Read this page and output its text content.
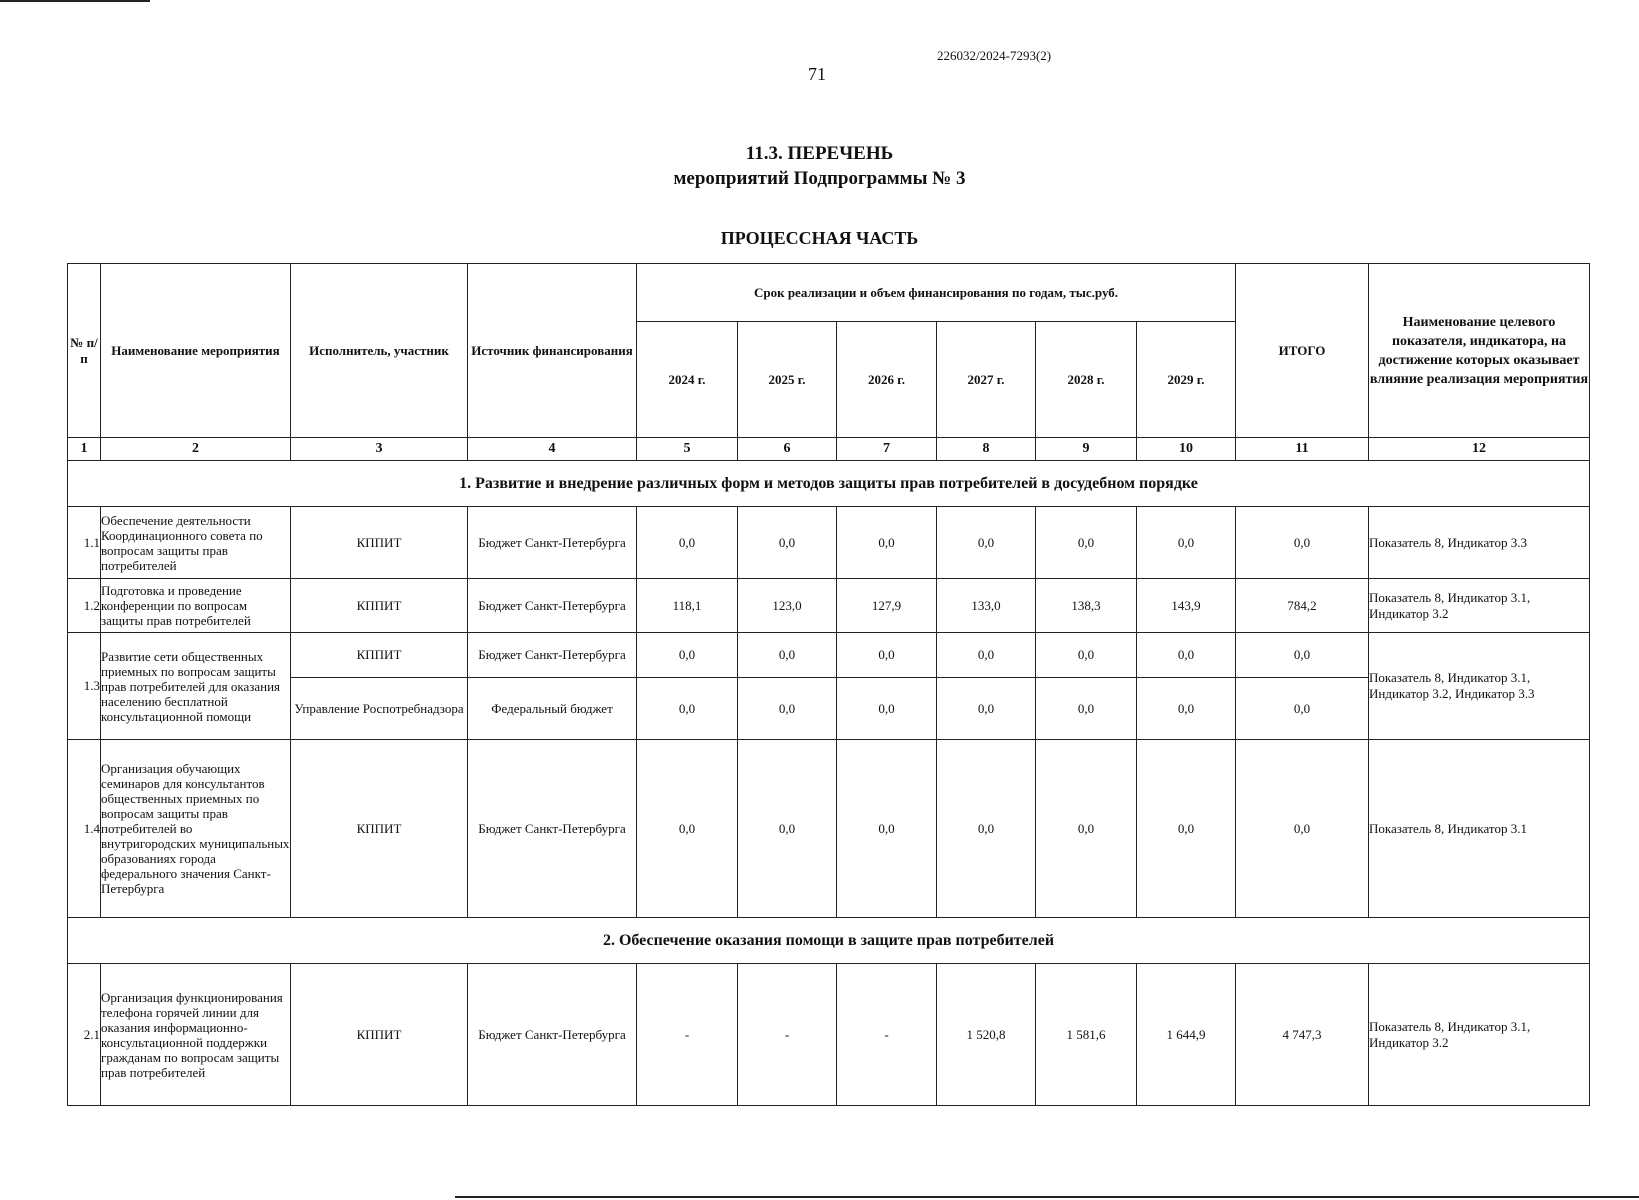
226032/2024-7293(2)
71
11.3. ПЕРЕЧЕНЬ
мероприятий Подпрограммы № 3
ПРОЦЕССНАЯ ЧАСТЬ
№ п/п	Наименование мероприятия	Исполнитель, участник	Источник финансирования	Срок реализации и объем финансирования по годам, тыс.руб.						ИТОГО	Наименование целевого показателя, индикатора, на достижение которых оказывает влияние реализация мероприятия
				2024 г.	2025 г.	2026 г.	2027 г.	2028 г.	2029 г.		
1	2	3	4	5	6	7	8	9	10	11	12
1. Развитие и внедрение различных форм и методов защиты прав потребителей в досудебном порядке											
1.1	Обеспечение деятельности Координационного совета по вопросам защиты прав потребителей	КППИТ	Бюджет Санкт-Петербурга	0,0	0,0	0,0	0,0	0,0	0,0	0,0	Показатель 8, Индикатор 3.3
1.2	Подготовка и проведение конференции по вопросам защиты прав потребителей	КППИТ	Бюджет Санкт-Петербурга	118,1	123,0	127,9	133,0	138,3	143,9	784,2	Показатель 8, Индикатор 3.1, Индикатор 3.2
1.3	Развитие сети общественных приемных по вопросам защиты прав потребителей для оказания населению бесплатной консультационной помощи	КППИТ	Бюджет Санкт-Петербурга	0,0	0,0	0,0	0,0	0,0	0,0	0,0	Показатель 8, Индикатор 3.1, Индикатор 3.2, Индикатор 3.3
		Управление Роспотребнадзора	Федеральный бюджет	0,0	0,0	0,0	0,0	0,0	0,0	0,0	
1.4	Организация обучающих семинаров для консультантов общественных приемных по вопросам защиты прав потребителей во внутригородских муниципальных образованиях города федерального значения Санкт-Петербурга	КППИТ	Бюджет Санкт-Петербурга	0,0	0,0	0,0	0,0	0,0	0,0	0,0	Показатель 8, Индикатор 3.1
2. Обеспечение оказания помощи в защите прав потребителей											
2.1	Организация функционирования телефона горячей линии для оказания информационно-консультационной поддержки гражданам по вопросам защиты прав потребителей	КППИТ	Бюджет Санкт-Петербурга	-	-	-	1 520,8	1 581,6	1 644,9	4 747,3	Показатель 8, Индикатор 3.1, Индикатор 3.2
